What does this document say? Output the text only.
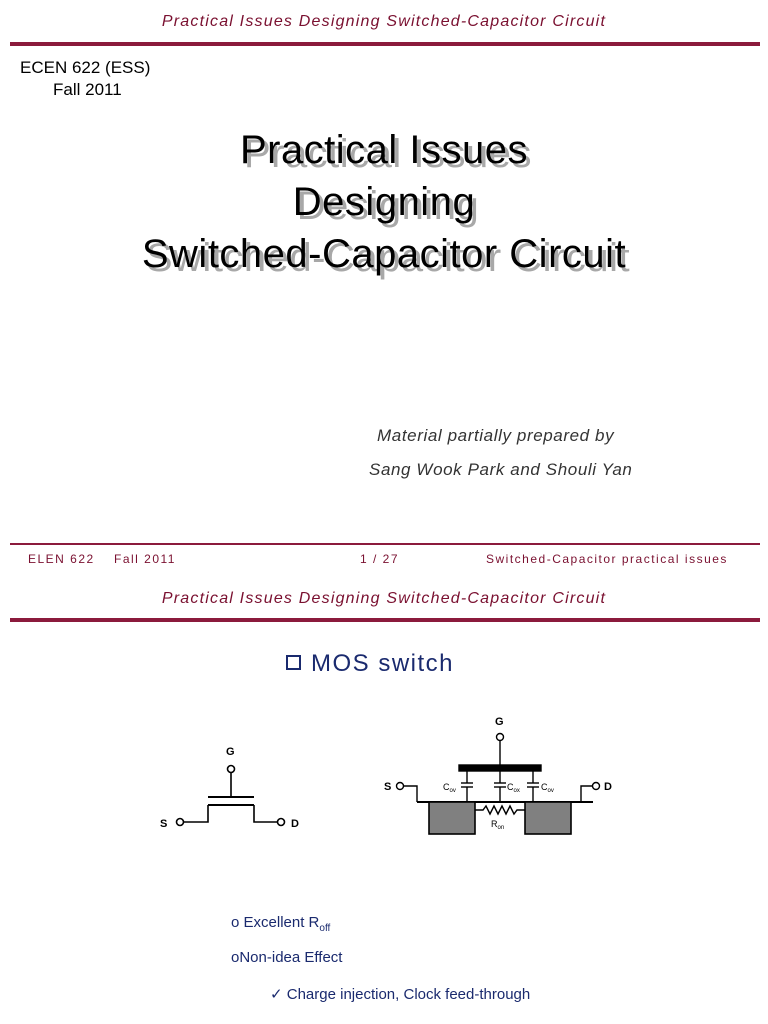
Practical Issues Designing Switched-Capacitor Circuit
ECEN 622 (ESS)
Fall 2011
Practical Issues
Designing
Switched-Capacitor Circuit
Material partially prepared by
Sang Wook Park and Shouli Yan
ELEN 622 Fall 2011	1 / 27	Switched-Capacitor practical issues
Practical Issues Designing Switched-Capacitor Circuit
MOS switch
G
S	D
G
S	D
$C_{ov}$	$C_{ox}$ $C_{ov}$
$R_{on}$
o Excellent $R_{off}$
oNon-idea Effect
✓ Charge injection, Clock feed-through
